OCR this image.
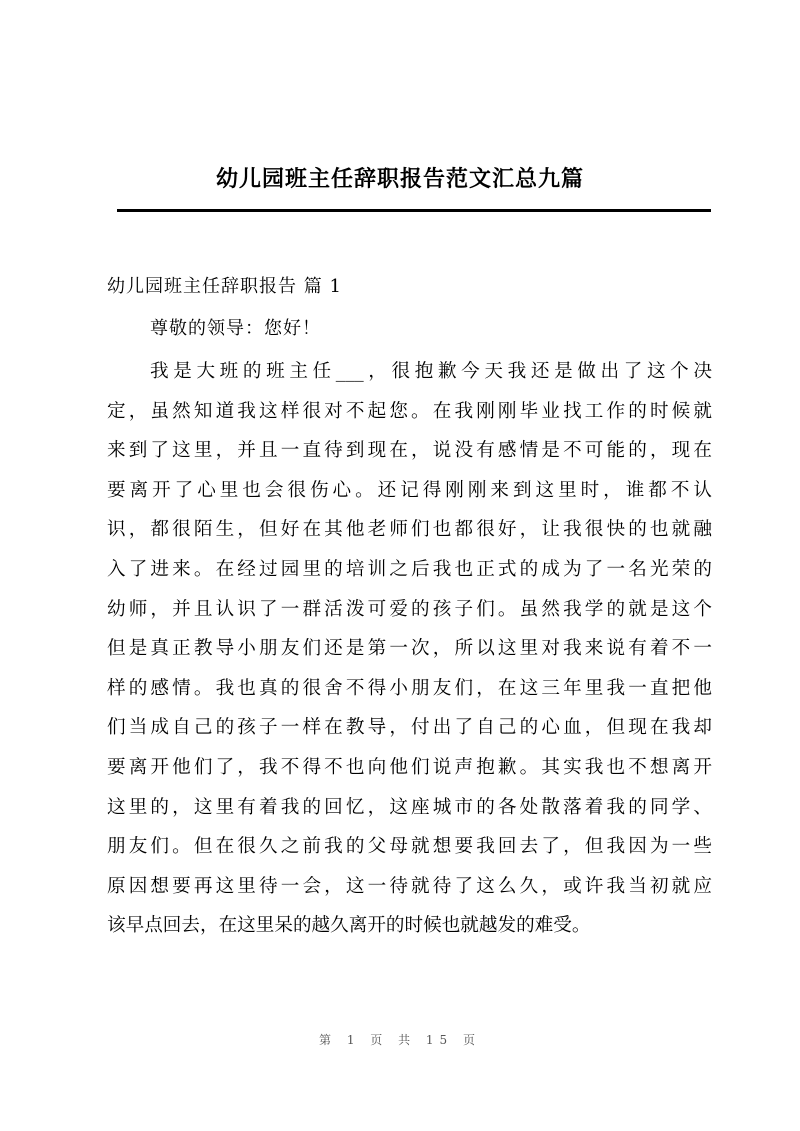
幼儿园班主任辞职报告范文汇总九篇
幼儿园班主任辞职报告 篇 1
尊敬的领导：您好！
我是大班的班主任___，很抱歉今天我还是做出了这个决
定，虽然知道我这样很对不起您。在我刚刚毕业找工作的时候就
来到了这里，并且一直待到现在，说没有感情是不可能的，现在
要离开了心里也会很伤心。还记得刚刚来到这里时，谁都不认
识，都很陌生，但好在其他老师们也都很好，让我很快的也就融
入了进来。在经过园里的培训之后我也正式的成为了一名光荣的
幼师，并且认识了一群活泼可爱的孩子们。虽然我学的就是这个
但是真正教导小朋友们还是第一次，所以这里对我来说有着不一
样的感情。我也真的很舍不得小朋友们，在这三年里我一直把他
们当成自己的孩子一样在教导，付出了自己的心血，但现在我却
要离开他们了，我不得不也向他们说声抱歉。其实我也不想离开
这里的，这里有着我的回忆，这座城市的各处散落着我的同学、
朋友们。但在很久之前我的父母就想要我回去了，但我因为一些
原因想要再这里待一会，这一待就待了这么久，或许我当初就应
该早点回去，在这里呆的越久离开的时候也就越发的难受。
第 1 页 共 15 页
